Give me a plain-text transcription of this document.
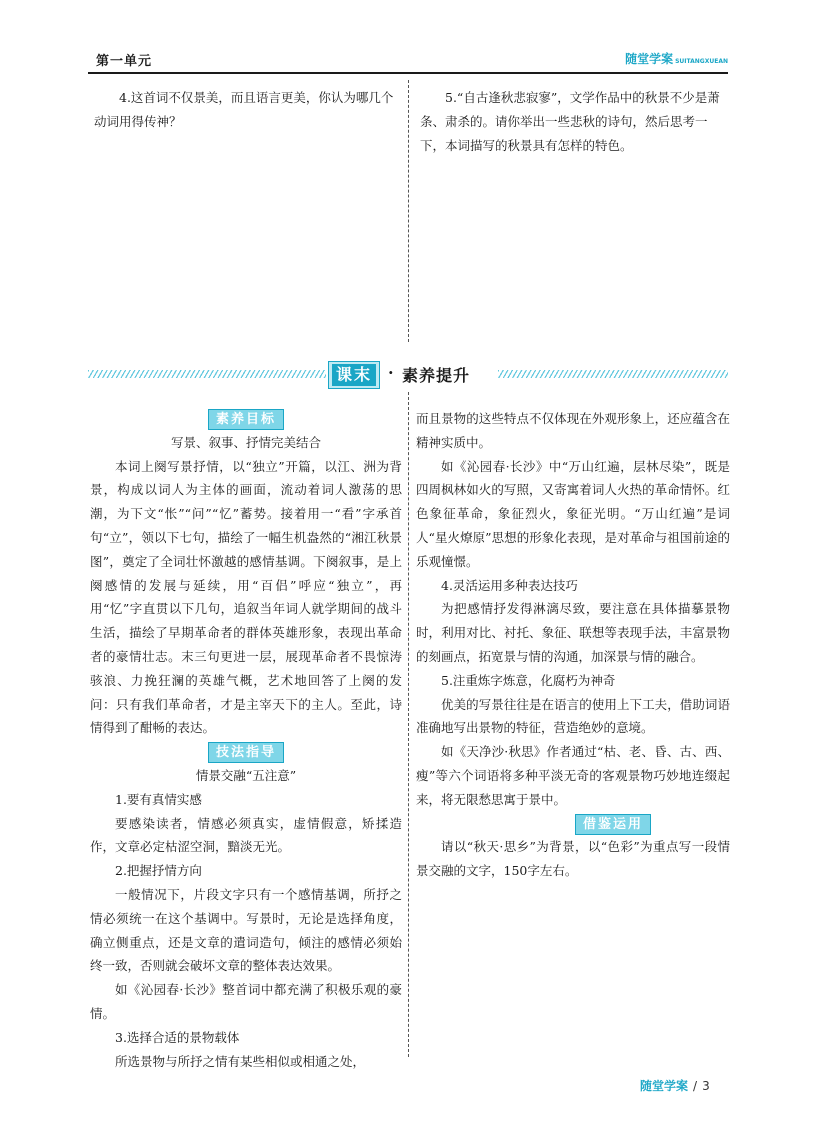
第一单元	随堂学案 SUITANGXUEAN

4.这首词不仅景美，而且语言更美，你认为哪几个动词用得传神？

5.“自古逢秋悲寂寥”，文学作品中的秋景不少是萧条、肃杀的。请你举出一些悲秋的诗句，然后思考一下，本词描写的秋景具有怎样的特色。

课末 · 素养提升
素养目标

写景、叙事、抒情完美结合

本词上阕写景抒情，以“独立”开篇，以江、洲为背景，构成以词人为主体的画面，流动着词人激荡的思潮，为下文“怅”“问”“忆”蓄势。接着用一“看”字承首句“立”，领以下七句，描绘了一幅生机盎然的“湘江秋景图”，奠定了全词壮怀激越的感情基调。下阕叙事，是上阕感情的发展与延续，用“百侣”呼应“独立”，再用“忆”字直贯以下几句，追叙当年词人就学期间的战斗生活，描绘了早期革命者的群体英雄形象，表现出革命者的豪情壮志。末三句更进一层，展现革命者不畏惊涛骇浪、力挽狂澜的英雄气概，艺术地回答了上阕的发问：只有我们革命者，才是主宰天下的主人。至此，诗情得到了酣畅的表达。

技法指导

情景交融“五注意”

1.要有真情实感

要感染读者，情感必须真实，虚情假意，矫揉造作，文章必定枯涩空洞，黯淡无光。

2.把握抒情方向

一般情况下，片段文字只有一个感情基调，所抒之情必须统一在这个基调中。写景时，无论是选择角度，确立侧重点，还是文章的遣词造句，倾注的感情必须始终一致，否则就会破坏文章的整体表达效果。

如《沁园春·长沙》整首词中都充满了积极乐观的豪情。

3.选择合适的景物载体

所选景物与所抒之情有某些相似或相通之处，

而且景物的这些特点不仅体现在外观形象上，还应蕴含在精神实质中。

如《沁园春·长沙》中“万山红遍，层林尽染”，既是四周枫林如火的写照，又寄寓着词人火热的革命情怀。红色象征革命，象征烈火，象征光明。“万山红遍”是词人“星火燎原”思想的形象化表现，是对革命与祖国前途的乐观憧憬。

4.灵活运用多种表达技巧

为把感情抒发得淋漓尽致，要注意在具体描摹景物时，利用对比、衬托、象征、联想等表现手法，丰富景物的刻画点，拓宽景与情的沟通，加深景与情的融合。

5.注重炼字炼意，化腐朽为神奇

优美的写景往往是在语言的使用上下工夫，借助词语准确地写出景物的特征，营造绝妙的意境。

如《天净沙·秋思》作者通过“枯、老、昏、古、西、瘦”等六个词语将多种平淡无奇的客观景物巧妙地连缀起来，将无限愁思寓于景中。

借鉴运用

请以“秋天·思乡”为背景，以“色彩”为重点写一段情景交融的文字，150字左右。

随堂学案 / 3
